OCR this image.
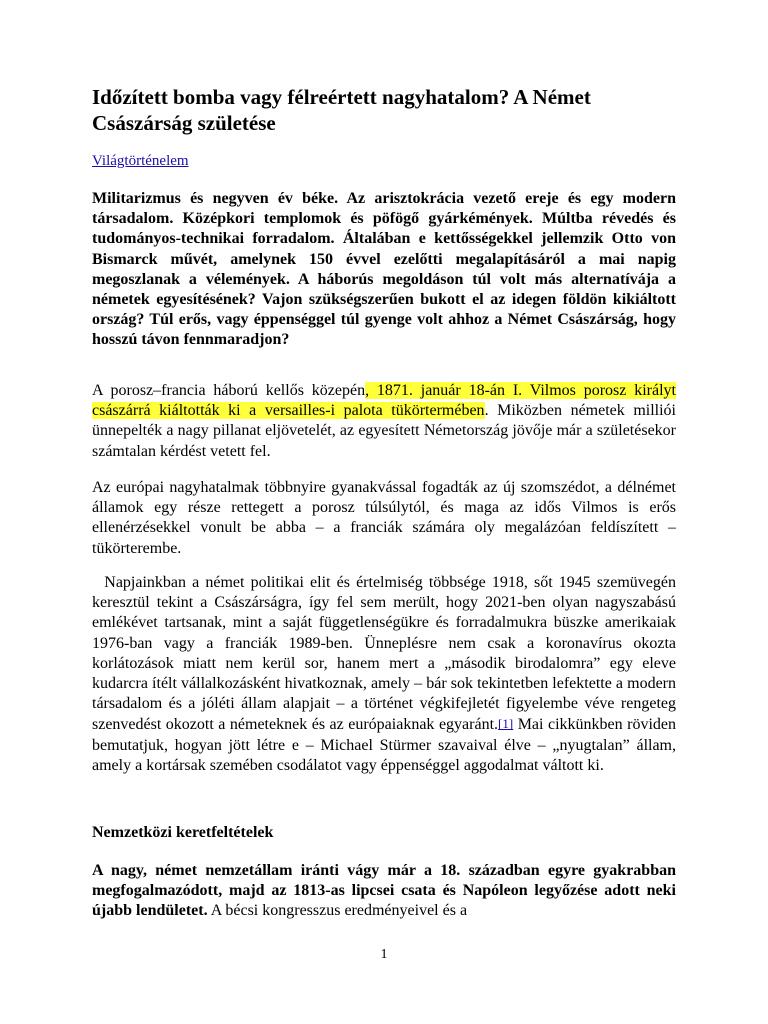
Időzített bomba vagy félreértett nagyhatalom? A Német Császárság születése
Világtörténelem

Militarizmus és negyven év béke. Az arisztokrácia vezető ereje és egy modern társadalom. Középkori templomok és pöfögő gyárkémények. Múltba révedés és tudományos-technikai forradalom. Általában e kettősségekkel jellemzik Otto von Bismarck művét, amelynek 150 évvel ezelőtti megalapításáról a mai napig megoszlanak a vélemények. A háborús megoldáson túl volt más alternatívája a németek egyesítésének? Vajon szükségszerűen bukott el az idegen földön kikiáltott ország? Túl erős, vagy éppenséggel túl gyenge volt ahhoz a Német Császárság, hogy hosszú távon fennmaradjon?

A porosz–francia háború kellős közepén, 1871. január 18-án I. Vilmos porosz királyt császárrá kiáltották ki a versailles-i palota tükörtermében. Miközben németek milliói ünnepelték a nagy pillanat eljövetelét, az egyesített Németország jövője már a születésekor számtalan kérdést vetett fel.

Az európai nagyhatalmak többnyire gyanakvással fogadták az új szomszédot, a délnémet államok egy része rettegett a porosz túlsúlytól, és maga az idős Vilmos is erős ellenérzésekkel vonult be abba – a franciák számára oly megalázóan feldíszített – tükörterembe.

Napjainkban a német politikai elit és értelmiség többsége 1918, sőt 1945 szemüvegén keresztül tekint a Császárságra, így fel sem merült, hogy 2021-ben olyan nagyszabású emlékévet tartsanak, mint a saját függetlenségükre és forradalmukra büszke amerikaiak 1976-ban vagy a franciák 1989-ben. Ünneplésre nem csak a koronavírus okozta korlátozások miatt nem kerül sor, hanem mert a „második birodalomra” egy eleve kudarcra ítélt vállalkozásként hivatkoznak, amely – bár sok tekintetben lefektette a modern társadalom és a jóléti állam alapjait – a történet végkifejletét figyelembe véve rengeteg szenvedést okozott a németeknek és az európaiaknak egyaránt.[1] Mai cikkünkben röviden bemutatjuk, hogyan jött létre e – Michael Stürmer szavaival élve – „nyugtalan” állam, amely a kortársak szemében csodálatot vagy éppenséggel aggodalmat váltott ki.

Nemzetközi keretfeltételek

A nagy, német nemzetállam iránti vágy már a 18. században egyre gyakrabban megfogalmazódott, majd az 1813-as lipcsei csata és Napóleon legyőzése adott neki újabb lendületet. A bécsi kongresszus eredményeivel és a

1
